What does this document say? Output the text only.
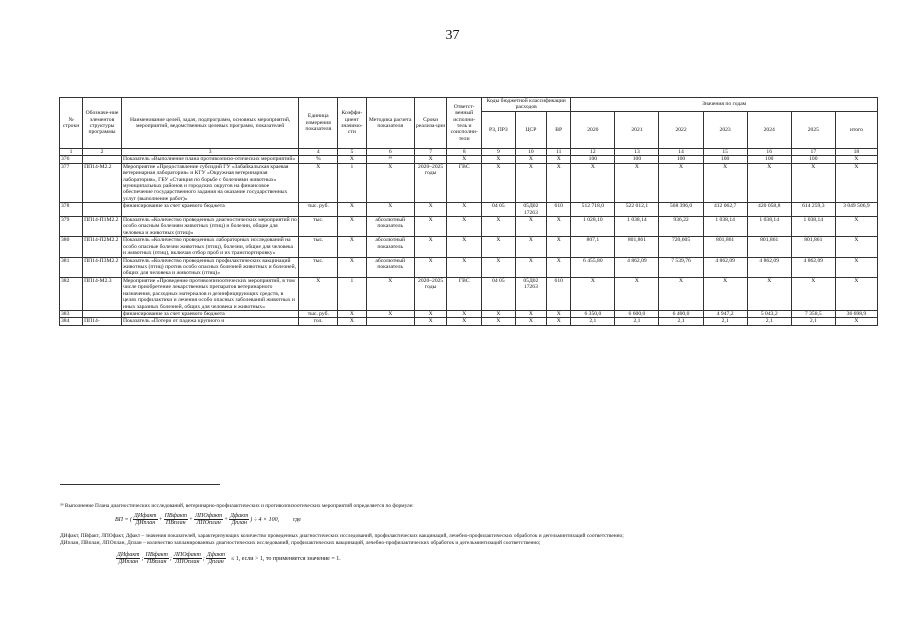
37
№ строки	Обозначе-ние элементов структуры программы	Наименование целей, задач, подпрограмм, основных мероприятий, мероприятий, ведомственных целевых программ, показателей	Единица измерения показателя	Коэффи-циент значимо-сти	Методика расчета показателя	Сроки реализа-ции	Ответст-венный исполни-тель и соисполни-тели	Коды бюджетной классификации расходов			Значения по годам						
								РЗ, ПРЗ	ЦСР	ВР	2020	2021	2022	2023	2024	2025	итого
1	2	3	4	5	6	7	8	9	10	11	12	13	14	15	16	17	18
376		Показатель «Выполнение плана противоэпизо-отических мероприятий»	%	X	³⁹	X	X	X	X	X	100	100	100	100	100	100	X
377	ПП14-М2.2	Мероприятие «Предоставление субсидий ГУ «Забайкальская краевая ветеринарная лаборатория» и КГУ «Окружная ветеринарная лаборатория», ГБУ «Станция по борьбе с болезнями животных» муниципальных районов и городских округов на финансовое обеспечение государственного задания на оказание государственных услуг (выполнение работ)»	X	1	X	2020–2025 годы	ГВС	X	X	X	X	X	X	X	X	X	X
378		финансирование за счет краевого бюджета	тыс. руб.	X	X	X	X	04 05	05Д02 17263	610	512 718,0	522 012,1	568 396,0	412 062,7	420 058,8	614 259,3	3 049 506,9
379	ПП14-П1М2.2	Показатель «Количество проведенных диагностических мероприятий по особо опасным болезням животных (птиц) и болезни, общие для человека и животных (птиц)»	тыс.	X	абсолютный показатель	X	X	X	X	X	1 028,10	1 038,14	936,22	1 038,14	1 038,14	1 038,14	X
380	ПП14-П2М2.2	Показатель «Количество проведенных лабораторных исследований на особо опасные болезни животных (птиц), болезни, общие для человека и животных (птиц), включая отбор проб и их транспортировку»	тыс.	X	абсолютный показатель	X	X	X	X	X	807,1	801,861	720,605	801,861	801,861	801,861	X
381	ПП14-П3М2.2	Показатель «Количество проведенных профилактических вакцинаций животных (птиц) против особо опасных болезней животных и болезней, общих для человека и животных (птиц)»	тыс.	X	абсолютный показатель	X	X	X	X	X	6 455,80	4 862,09	7 539,76	4 862,09	4 862,09	4 862,09	X
382	ПП14-М2.3	Мероприятие «Проведение противоэпизоотических мероприятий, в том числе приобретение лекарственных препаратов ветеринарного назначения, расходных материалов и дезинфицирующих средств, в целях профилактики и лечения особо опасных заболеваний животных и иных заразных болезней, общих для человека и животных»	X	1	X	2020–2025 годы	ГВС	04 05	05Д02 17263	610	X	X	X	X	X	X	X
383		финансирование за счет краевого бюджета	тыс. руб.	X	X	X	X	X	X	X	6 350,0	6 600,0	6 400,0	4 947,2	5 043,2	7 358,5	36 698,9
384	ПП14-	Показатель «Потери от падежа крупного и	гол.	X		X	X	X	X	X	2,1	2,1	2,1	2,1	2,1	2,1	X
³⁹ Выполнение Плана диагностических исследований, ветеринарно-профилактических и противоэпизоотических мероприятий определяется по формуле:
ВП = ( $\frac{\text{ДИфакт}}{\text{ДИплан}} + \frac{\text{ПВфакт}}{\text{ПВплан}} + \frac{\text{ЛПОфакт}}{\text{ЛПОплан}} + \frac{\text{Дфакт}}{\text{Дплан}}$ ) ÷ 4 × 100, где
ДИфакт, ПВфакт, ЛПОфакт, Дфакт – значения показателей, характеризующих количество проведенных диагностических исследований, профилактических вакцинаций, лечебно-профилактических обработок и дегельминтизаций соответственно;
ДИплан, ПВплан, ЛПОплан, Дплан – количество запланированных диагностических исследований, профилактических вакцинаций, лечебно-профилактических обработок и дегельминтизаций соответственно;
$\frac{\text{ДИфакт}}{\text{ДИплан}}$ ; $\frac{\text{ПВфакт}}{\text{ПВплан}}$ ; $\frac{\text{ЛПОфакт}}{\text{ЛПОплан}}$ ; $\frac{\text{Дфакт}}{\text{Дплан}} \le 1$, если > 1, то применяется значение = 1.
